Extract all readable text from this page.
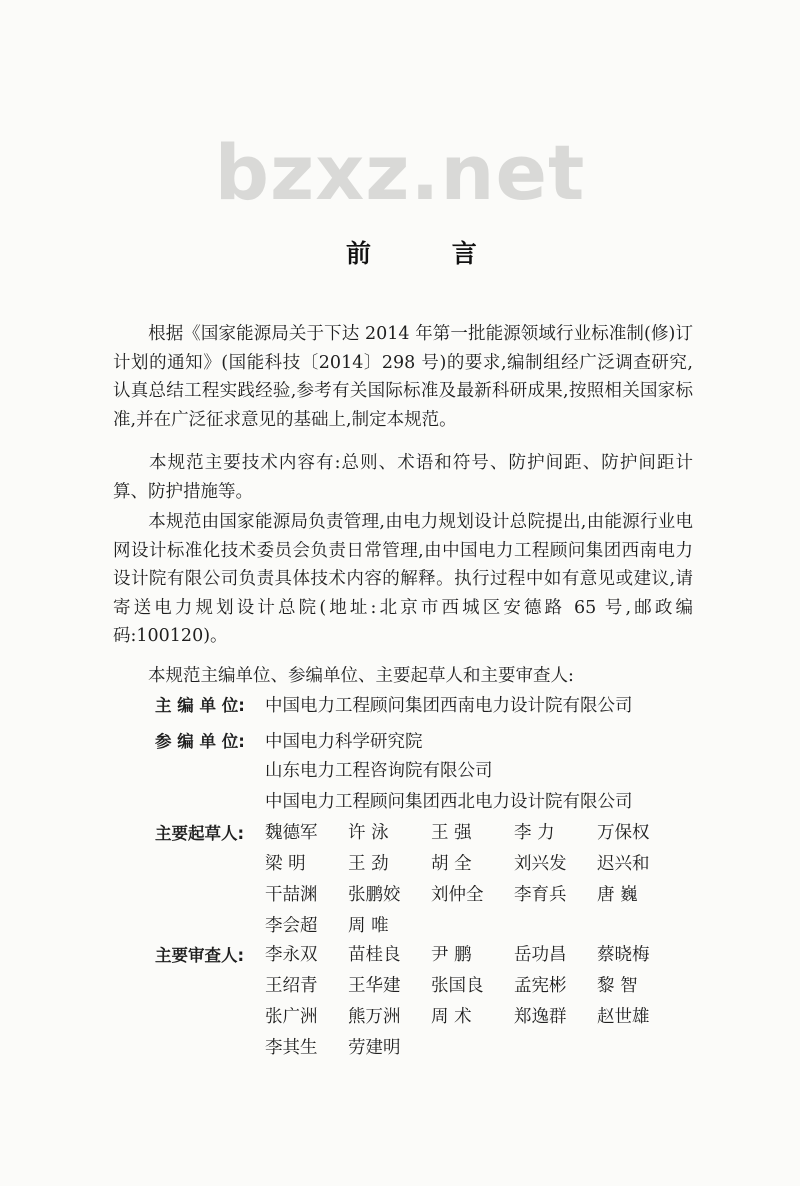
bzxz.net
前 言

根据《国家能源局关于下达 2014 年第一批能源领域行业标准制(修)订计划的通知》(国能科技〔2014〕298 号)的要求,编制组经广泛调查研究,认真总结工程实践经验,参考有关国际标准及最新科研成果,按照相关国家标准,并在广泛征求意见的基础上,制定本规范。

本规范主要技术内容有:总则、术语和符号、防护间距、防护间距计算、防护措施等。

本规范由国家能源局负责管理,由电力规划设计总院提出,由能源行业电网设计标准化技术委员会负责日常管理,由中国电力工程顾问集团西南电力设计院有限公司负责具体技术内容的解释。执行过程中如有意见或建议,请寄送电力规划设计总院(地址:北京市西城区安德路 65 号,邮政编码:100120)。

本规范主编单位、参编单位、主要起草人和主要审查人:

主 编 单 位: 中国电力工程顾问集团西南电力设计院有限公司
参 编 单 位: 中国电力科学研究院
山东电力工程咨询院有限公司
中国电力工程顾问集团西北电力设计院有限公司
主要起草人:	魏德军 许 泳 王 强 李 力 万保权
梁 明 王 劲 胡 全 刘兴发 迟兴和
干喆渊 张鹏姣 刘仲全 李育兵 唐 巍
李会超 周 唯
主要审查人:	李永双 苗桂良 尹 鹏 岳功昌 蔡晓梅
王绍青 王华建 张国良 孟宪彬 黎 智
张广洲 熊万洲 周 术 郑逸群 赵世雄
李其生 劳建明
